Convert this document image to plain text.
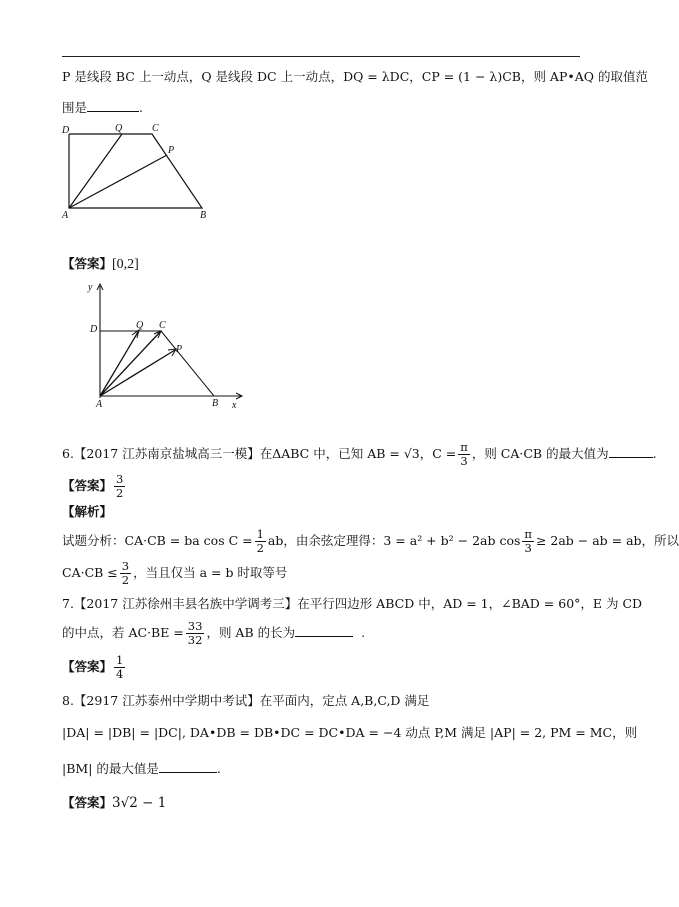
P 是线段 BC 上一动点，Q 是线段 DC 上一动点，DQ = λDC，CP = (1 − λ)CB，则 AP•AQ 的取值范
围是	.
D	Q	C
P
A	B
【答案】[0,2]
y
D	Q C
P
A	B x
6.【2017 江苏南京盐城高三一模】在ΔABC 中，已知 AB = √3，$C = \frac{\pi}{3}$ ，则 CA·CB 的最大值为	.
【答案】 $\frac{3}{2}$
【解析】
试题分析：CA·CB = ba $\cos C = \frac{1}{2}$ ab，由余弦定理得：3 = a² + b² − 2ab $\cos \frac{\pi}{3} \ge 2ab$ − ab = ab，所以
$CA\cdot CB \le \frac{3}{2}$ ，当且仅当 a = b 时取等号
7.【2017 江苏徐州丰县名族中学调考三】在平行四边形 ABCD 中，AD = 1，∠BAD = 60°，E 为 CD
的中点，若 $AC\cdot BE = \frac{33}{32}$ ，则 AB 的长为	.
【答案】 $\frac{1}{4}$
8.【2917 江苏泰州中学期中考试】在平面内，定点 A,B,C,D 满足
|DA| = |DB| = |DC|, DA•DB = DB•DC = DC•DA = −4 动点 P,M 满足 |AP| = 2, PM = MC，则
|BM| 的最大值是	.
【答案】3√2 − 1
